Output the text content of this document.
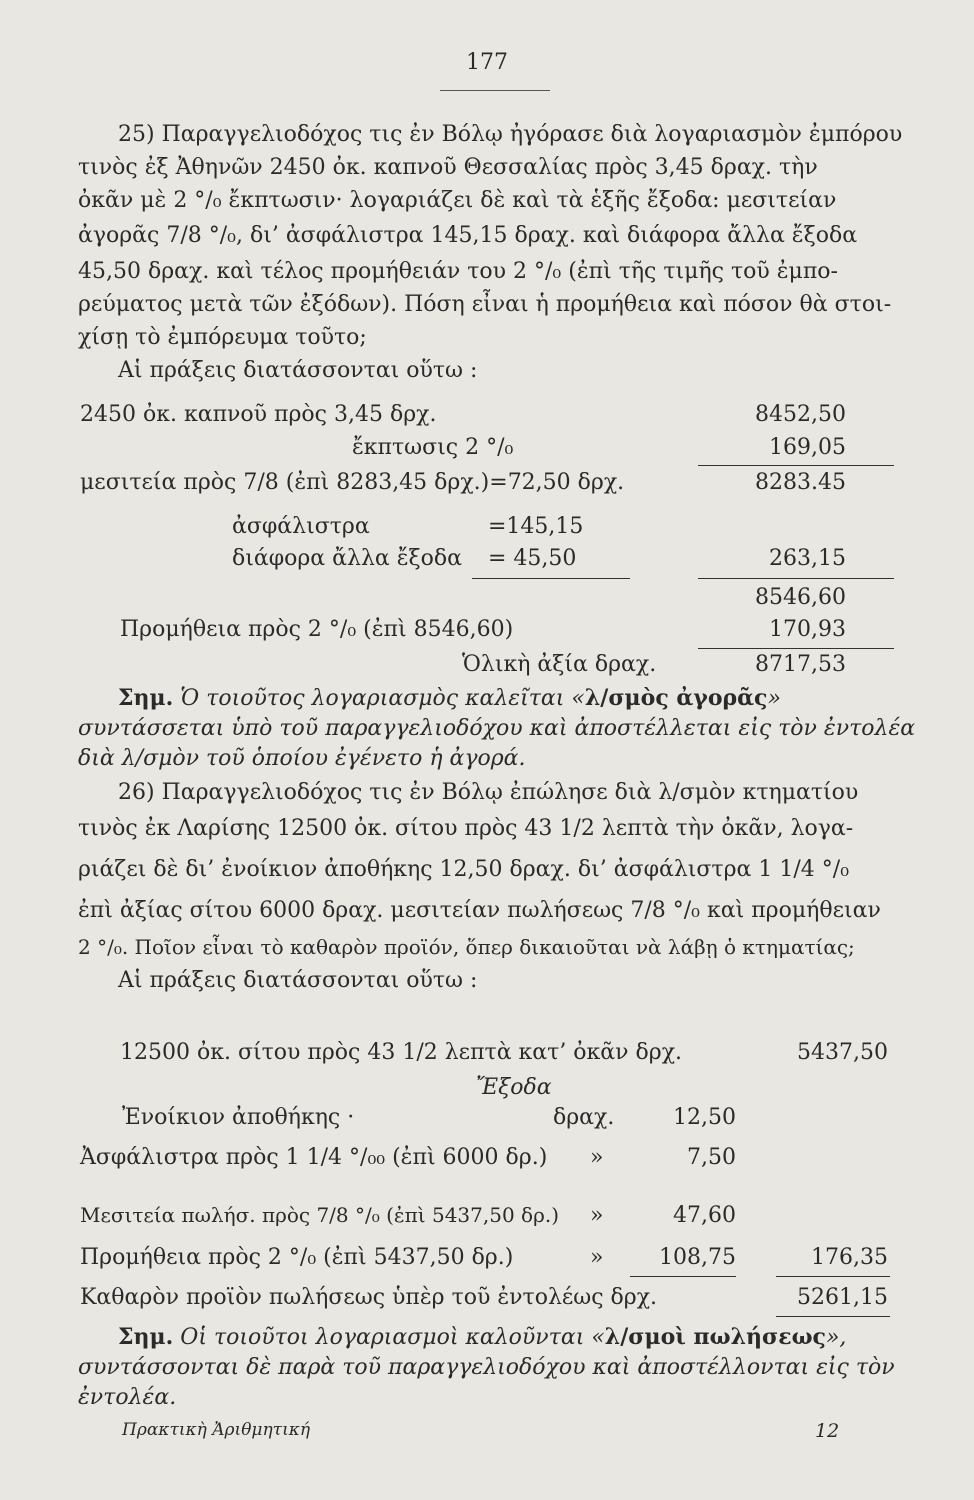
177
25) Παραγγελιοδόχος τις ἐν Βόλῳ ἠγόρασε διὰ λογαριασμὸν ἐμπόρου
τινὸς ἐξ Ἀθηνῶν 2450 ὀκ. καπνοῦ Θεσσαλίας πρὸς 3,45 δραχ. τὴν
ὀκᾶν μὲ 2 °/₀ ἔκπτωσιν· λογαριάζει δὲ καὶ τὰ ἑξῆς ἔξοδα: μεσιτείαν
ἀγορᾶς 7/8 °/₀, δι’ ἀσφάλιστρα 145,15 δραχ. καὶ διάφορα ἄλλα ἔξοδα
45,50 δραχ. καὶ τέλος προμήθειάν του 2 °/₀ (ἐπὶ τῆς τιμῆς τοῦ ἐμπο-
ρεύματος μετὰ τῶν ἐξόδων). Πόση εἶναι ἡ προμήθεια καὶ πόσον θὰ στοι-
χίσῃ τὸ ἐμπόρευμα τοῦτο;
Αἱ πράξεις διατάσσονται οὕτω :
2450 ὀκ. καπνοῦ πρὸς 3,45 δρχ.	8452,50
ἔκπτωσις 2 °/₀	169,05
μεσιτεία πρὸς 7/8 (ἐπὶ 8283,45 δρχ.)=72,50 δρχ.	8283.45
ἀσφάλιστρα	=145,15
διάφορα ἄλλα ἔξοδα = 45,50	263,15
8546,60
Προμήθεια πρὸς 2 °/₀ (ἐπὶ 8546,60)	170,93
Ὁλικὴ ἀξία δραχ.	8717,53
Σημ. Ὁ τοιοῦτος λογαριασμὸς καλεῖται «λ/σμὸς ἀγορᾶς»
συντάσσεται ὑπὸ τοῦ παραγγελιοδόχου καὶ ἀποστέλλεται εἰς τὸν ἐντολέα
διὰ λ/σμὸν τοῦ ὁποίου ἐγένετο ἡ ἀγορά.
26) Παραγγελιοδόχος τις ἐν Βόλῳ ἐπώλησε διὰ λ/σμὸν κτηματίου
τινὸς ἐκ Λαρίσης 12500 ὀκ. σίτου πρὸς 43 1/2 λεπτὰ τὴν ὀκᾶν, λογα-
ριάζει δὲ δι’ ἐνοίκιον ἀποθήκης 12,50 δραχ. δι’ ἀσφάλιστρα 1 1/4 °/₀
ἐπὶ ἀξίας σίτου 6000 δραχ. μεσιτείαν πωλήσεως 7/8 °/₀ καὶ προμήθειαν
2 °/₀. Ποῖον εἶναι τὸ καθαρὸν προϊόν, ὅπερ δικαιοῦται νὰ λάβῃ ὁ κτηματίας;
Αἱ πράξεις διατάσσονται οὕτω :
12500 ὀκ. σίτου πρὸς 43 1/2 λεπτὰ κατ’ ὀκᾶν δρχ.	5437,50
Ἔξοδα
Ἐνοίκιον ἀποθήκης ·	δραχ.	12,50
Ἀσφάλιστρα πρὸς 1 1/4 °/₀₀ (ἐπὶ 6000 δρ.) »	7,50
Μεσιτεία πωλήσ. πρὸς 7/8 °/₀ (ἐπὶ 5437,50 δρ.) »	47,60
Προμήθεια πρὸς 2 °/₀ (ἐπὶ 5437,50 δρ.)	»	108,75	176,35
Καθαρὸν προϊὸν πωλήσεως ὑπὲρ τοῦ ἐντολέως δρχ.	5261,15
Σημ. Οἱ τοιοῦτοι λογαριασμοὶ καλοῦνται «λ/σμοὶ πωλήσεως»,
συντάσσονται δὲ παρὰ τοῦ παραγγελιοδόχου καὶ ἀποστέλλονται εἰς τὸν
ἐντολέα.
Πρακτικὴ Ἀριθμητική	12
